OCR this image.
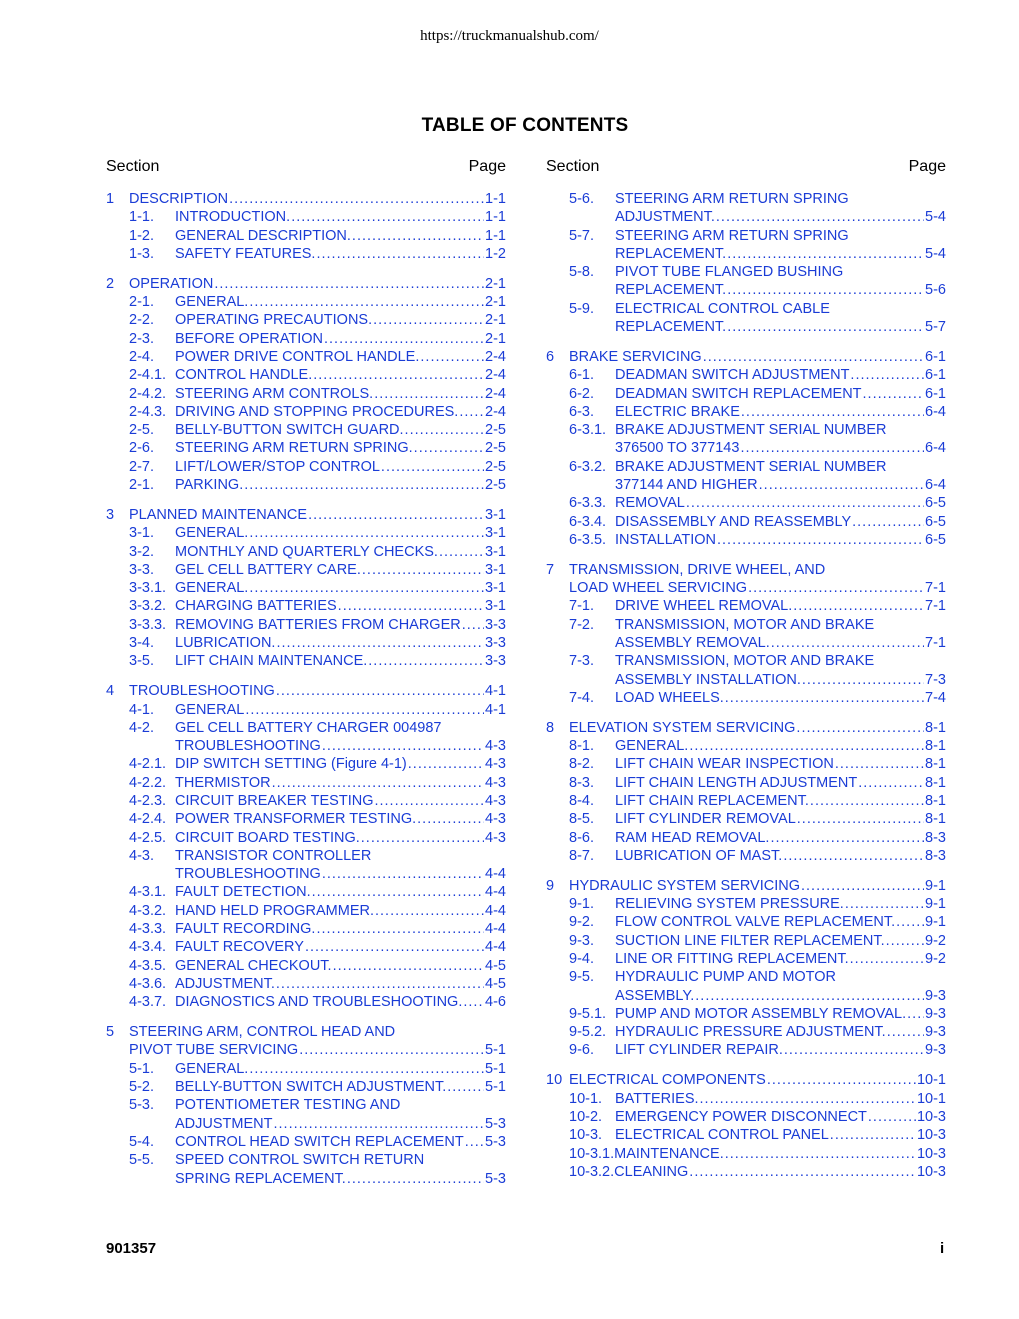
https://truckmanualshub.com/
TABLE OF CONTENTS
Section	Page
1	DESCRIPTION .....	1-1
1-1.	INTRODUCTION. .....	1-1
1-2.	GENERAL DESCRIPTION. .....	1-1
1-3.	SAFETY FEATURES. .....	1-2
2	OPERATION .....	2-1
2-1.	GENERAL. .....	2-1
2-2.	OPERATING PRECAUTIONS. .....	2-1
2-3.	BEFORE OPERATION .....	2-1
2-4.	POWER DRIVE CONTROL HANDLE. .....	2-4
2-4.1. CONTROL HANDLE. .....	2-4
2-4.2. STEERING ARM CONTROLS. .....	2-4
2-4.3. DRIVING AND STOPPING PROCEDURES. ..... 2-4
2-5.	BELLY-BUTTON SWITCH GUARD. .....	2-5
2-6.	STEERING ARM RETURN SPRING. .....	2-5
2-7.	LIFT/LOWER/STOP CONTROL .....	2-5
2-1.	PARKING. .....	2-5
3	PLANNED MAINTENANCE .....	3-1
3-1.	GENERAL. .....	3-1
3-2.	MONTHLY AND QUARTERLY CHECKS. .....	3-1
3-3.	GEL CELL BATTERY CARE. .....	3-1
3-3.1. GENERAL. .....	3-1
3-3.2. CHARGING BATTERIES .....	3-1
3-3.3. REMOVING BATTERIES FROM CHARGER ..... 3-3
3-4.	LUBRICATION. .....	3-3
3-5.	LIFT CHAIN MAINTENANCE. .....	3-3
4	TROUBLESHOOTING .....	4-1
4-1.	GENERAL .....	4-1
4-2.	GEL CELL BATTERY CHARGER 004987
TROUBLESHOOTING .....	4-3
4-2.1. DIP SWITCH SETTING (Figure 4-1) .....	4-3
4-2.2. THERMISTOR .....	4-3
4-2.3. CIRCUIT BREAKER TESTING .....	4-3
4-2.4. POWER TRANSFORMER TESTING. .....	4-3
4-2.5. CIRCUIT BOARD TESTING. .....	4-3
4-3.	TRANSISTOR CONTROLLER
TROUBLESHOOTING .....	4-4
4-3.1. FAULT DETECTION. .....	4-4
4-3.2. HAND HELD PROGRAMMER. .....	4-4
4-3.3. FAULT RECORDING. .....	4-4
4-3.4. FAULT RECOVERY .....	4-4
4-3.5. GENERAL CHECKOUT. .....	4-5
4-3.6. ADJUSTMENT. .....	4-5
4-3.7. DIAGNOSTICS AND TROUBLESHOOTING. ..... 4-6
5	STEERING ARM, CONTROL HEAD AND
PIVOT TUBE SERVICING .....	5-1
5-1.	GENERAL. .....	5-1
5-2.	BELLY-BUTTON SWITCH ADJUSTMENT. .....	5-1
5-3.	POTENTIOMETER TESTING AND
ADJUSTMENT .....	5-3
5-4.	CONTROL HEAD SWITCH REPLACEMENT ..... 5-3
5-5.	SPEED CONTROL SWITCH RETURN
SPRING REPLACEMENT. .....	5-3
Section	Page
5-6.	STEERING ARM RETURN SPRING
ADJUSTMENT. .....	5-4
5-7.	STEERING ARM RETURN SPRING
REPLACEMENT. .....	5-4
5-8.	PIVOT TUBE FLANGED BUSHING
REPLACEMENT. .....	5-6
5-9.	ELECTRICAL CONTROL CABLE
REPLACEMENT. .....	5-7
6	BRAKE SERVICING .....	6-1
6-1.	DEADMAN SWITCH ADJUSTMENT .....	6-1
6-2.	DEADMAN SWITCH REPLACEMENT .....	6-1
6-3.	ELECTRIC BRAKE .....	6-4
6-3.1. BRAKE ADJUSTMENT SERIAL NUMBER
376500 TO 377143 .....	6-4
6-3.2. BRAKE ADJUSTMENT SERIAL NUMBER
377144 AND HIGHER .....	6-4
6-3.3. REMOVAL .....	6-5
6-3.4. DISASSEMBLY AND REASSEMBLY .....	6-5
6-3.5. INSTALLATION .....	6-5
7	TRANSMISSION, DRIVE WHEEL, AND
LOAD WHEEL SERVICING .....	7-1
7-1.	DRIVE WHEEL REMOVAL. .....	7-1
7-2.	TRANSMISSION, MOTOR AND BRAKE
ASSEMBLY REMOVAL. .....	7-1
7-3.	TRANSMISSION, MOTOR AND BRAKE
ASSEMBLY INSTALLATION. .....	7-3
7-4.	LOAD WHEELS. .....	7-4
8	ELEVATION SYSTEM SERVICING .....	8-1
8-1.	GENERAL. .....	8-1
8-2.	LIFT CHAIN WEAR INSPECTION .....	8-1
8-3.	LIFT CHAIN LENGTH ADJUSTMENT .....	8-1
8-4.	LIFT CHAIN REPLACEMENT. .....	8-1
8-5.	LIFT CYLINDER REMOVAL .....	8-1
8-6.	RAM HEAD REMOVAL. .....	8-3
8-7.	LUBRICATION OF MAST. .....	8-3
9	HYDRAULIC SYSTEM SERVICING .....	9-1
9-1.	RELIEVING SYSTEM PRESSURE. .....	9-1
9-2.	FLOW CONTROL VALVE REPLACEMENT. ..... 9-1
9-3.	SUCTION LINE FILTER REPLACEMENT. .....	9-2
9-4.	LINE OR FITTING REPLACEMENT. .....	9-2
9-5.	HYDRAULIC PUMP AND MOTOR
ASSEMBLY. .....	9-3
9-5.1. PUMP AND MOTOR ASSEMBLY REMOVAL. ..... 9-3
9-5.2. HYDRAULIC PRESSURE ADJUSTMENT. .....	9-3
9-6.	LIFT CYLINDER REPAIR. .....	9-3
10 ELECTRICAL COMPONENTS .....	10-1
10-1. BATTERIES. .....	10-1
10-2. EMERGENCY POWER DISCONNECT .....	10-3
10-3. ELECTRICAL CONTROL PANEL .....	10-3
10-3.1. MAINTENANCE. .....	10-3
10-3.2. CLEANING .....	10-3
901357	i
